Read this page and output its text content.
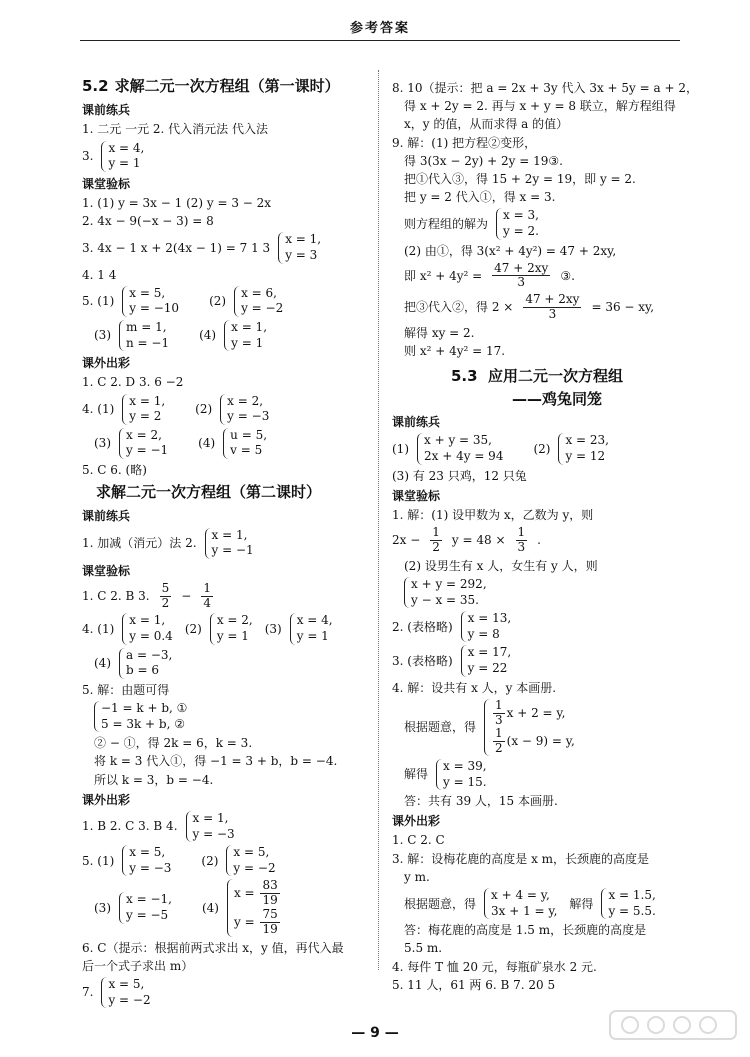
参考答案
5.2 求解二元一次方程组（第一课时）
课前练兵
1. 二元 一元 2. 代入消元法 代入法
3.
x = 4,
y = 1
课堂验标
1. (1) y = 3x − 1 (2) y = 3 − 2x
2. 4x − 9(−x − 3) = 8
3. 4x − 1 x + 2(4x − 1) = 7 1 3
x = 1,
y = 3
4. 1 4
5. (1)
x = 5,
y = −10
(2)
x = 6,
y = −2
(3)
m = 1,
n = −1
(4)
x = 1,
y = 1
课外出彩
1. C 2. D 3. 6 −2
4. (1)
x = 1,
y = 2
(2)
x = 2,
y = −3
(3)
x = 2,
y = −1
(4)
u = 5,
v = 5
5. C 6. (略)
求解二元一次方程组（第二课时）
课前练兵
1. 加减（消元）法 2.
x = 1,
y = −1
课堂验标
1. C 2. B 3. $\frac{5}{2} - \frac{1}{4}$
4. (1)
x = 1,
y = 0.4
(2)
x = 2,
y = 1
(3)
x = 4,
y = 1
(4)
a = −3,
b = 6
5. 解：由题可得
−1 = k + b, ①
5 = 3k + b, ②
② − ①，得 2k = 6，k = 3.
将 k = 3 代入①，得 −1 = 3 + b，b = −4.
所以 k = 3，b = −4.
课外出彩
1. B 2. C 3. B 4.
x = 1,
y = −3
5. (1)
x = 5,
y = −3
(2)
x = 5,
y = −2
(3)
x = −1,
y = −5
(4)
$x = \frac{83}{19}$
$y = \frac{75}{19}$
6. C（提示：根据前两式求出 x，y 值，再代入最
后一个式子求出 m）
7.
x = 5,
y = −2
8. 10（提示：把 a = 2x + 3y 代入 3x + 5y = a + 2，
得 x + 2y = 2. 再与 x + y = 8 联立，解方程组得
x，y 的值，从而求得 a 的值）
9. 解：(1) 把方程②变形，
得 3(3x − 2y) + 2y = 19③.
把①代入③，得 15 + 2y = 19，即 y = 2.
把 y = 2 代入①，得 x = 3.
则方程组的解为
x = 3,
y = 2.
(2) 由①，得 3(x² + 4y²) = 47 + 2xy,
即 $x^2 + 4y^2 = \frac{47 + 2xy}{3}$ ③.
把③代入②，得 $2 \times \frac{47 + 2xy}{3} = 36$ − xy,
解得 xy = 2.
则 x² + 4y² = 17.
5.3 应用二元一次方程组
——鸡兔同笼
课前练兵
(1)
x + y = 35,
2x + 4y = 94
(2)
x = 23,
y = 12
(3) 有 23 只鸡，12 只兔
课堂验标
1. 解：(1) 设甲数为 x，乙数为 y，则
$2x - \frac{1}{2}$ $y = 48 \times \frac{1}{3}$ .
(2) 设男生有 x 人，女生有 y 人，则
x + y = 292,
y − x = 35.
2. (表格略)
x = 13,
y = 8
3. (表格略)
x = 17,
y = 22
4. 解：设共有 x 人，y 本画册.
根据题意，得 $\frac{1}{3}$ x + 2 = y,
$\frac{1}{2} (x - 9) = y$,
解得
x = 39,
y = 15.
答：共有 39 人，15 本画册.
课外出彩
1. C 2. C
3. 解：设梅花鹿的高度是 x m，长颈鹿的高度是
y m.
根据题意，得
x + 4 = y,
3x + 1 = y,
解得
x = 1.5,
y = 5.5.
答：梅花鹿的高度是 1.5 m，长颈鹿的高度是
5.5 m.
4. 每件 T 恤 20 元，每瓶矿泉水 2 元.
5. 11 人，61 两 6. B 7. 20 5
— 9 —
